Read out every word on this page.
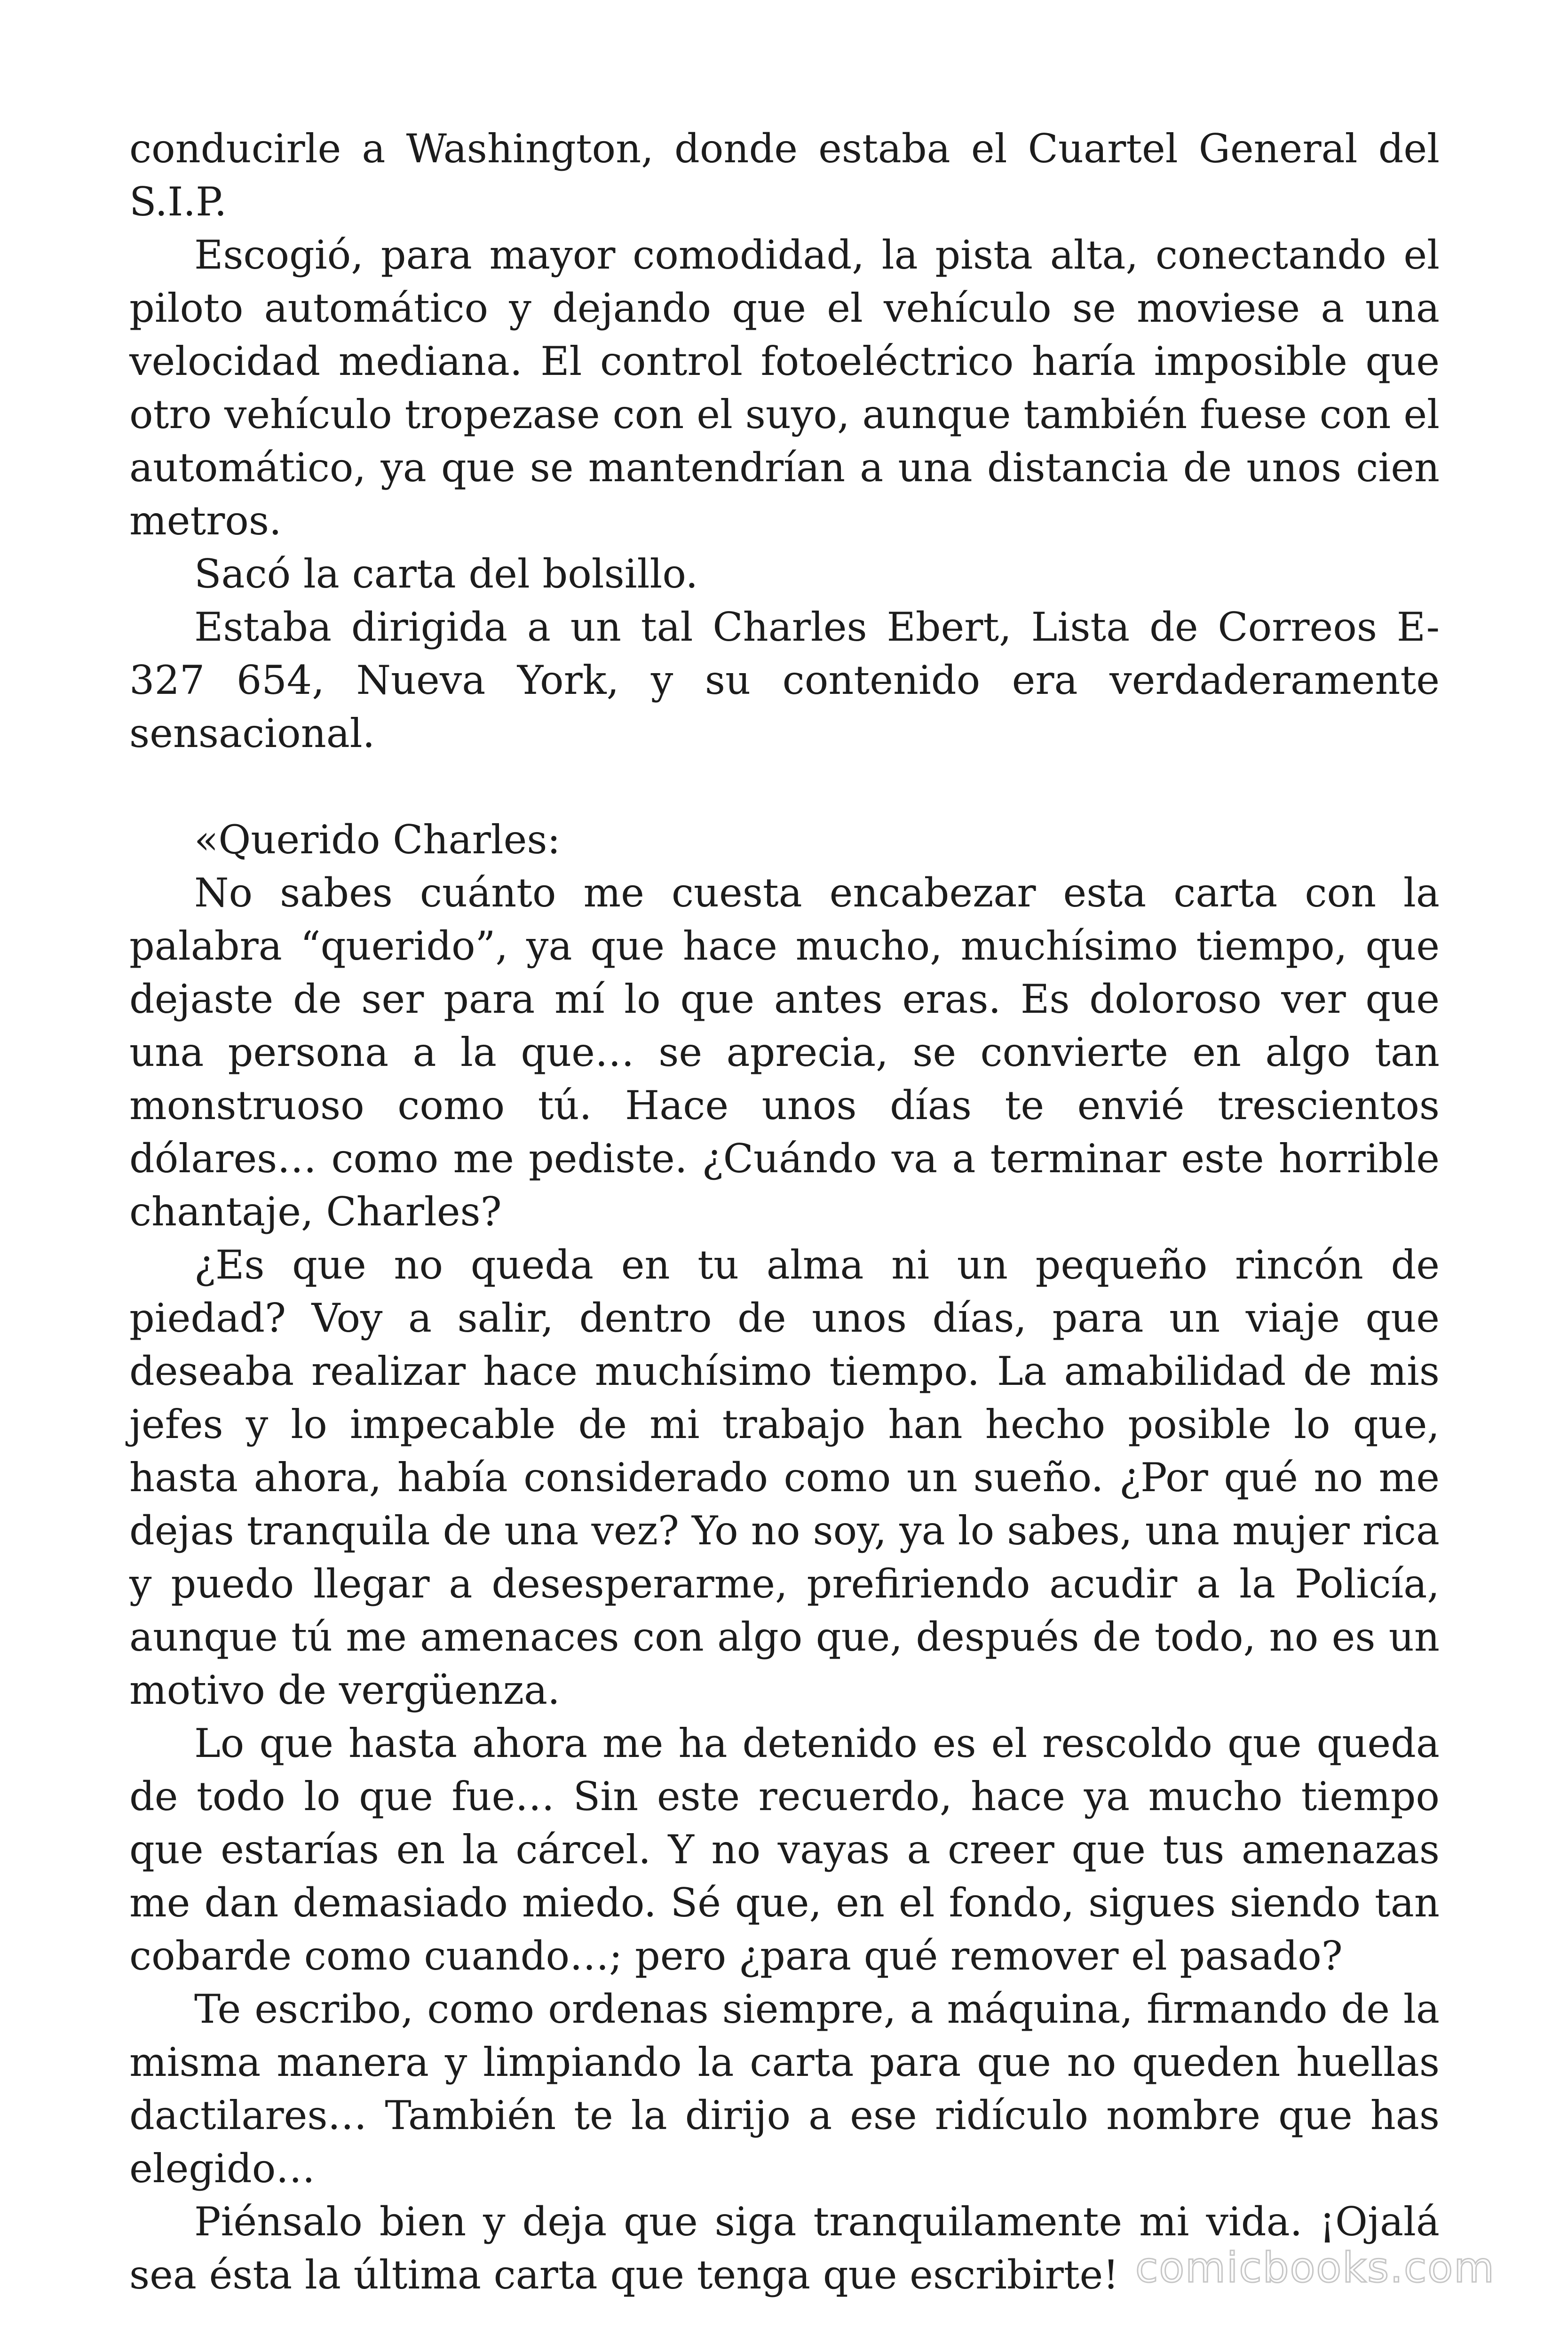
conducirle a Washington, donde estaba el Cuartel General del S.I.P.

Escogió, para mayor comodidad, la pista alta, conectando el piloto automático y dejando que el vehículo se moviese a una velocidad mediana. El control fotoeléctrico haría imposible que otro vehículo tropezase con el suyo, aunque también fuese con el automático, ya que se mantendrían a una distancia de unos cien metros.

Sacó la carta del bolsillo.

Estaba dirigida a un tal Charles Ebert, Lista de Correos E-327 654, Nueva York, y su contenido era verdaderamente sensacional.

«Querido Charles:

No sabes cuánto me cuesta encabezar esta carta con la palabra “querido”, ya que hace mucho, muchísimo tiempo, que dejaste de ser para mí lo que antes eras. Es doloroso ver que una persona a la que… se aprecia, se convierte en algo tan monstruoso como tú. Hace unos días te envié trescientos dólares… como me pediste. ¿Cuándo va a terminar este horrible chantaje, Charles?

¿Es que no queda en tu alma ni un pequeño rincón de piedad? Voy a salir, dentro de unos días, para un viaje que deseaba realizar hace muchísimo tiempo. La amabilidad de mis jefes y lo impecable de mi trabajo han hecho posible lo que, hasta ahora, había considerado como un sueño. ¿Por qué no me dejas tranquila de una vez? Yo no soy, ya lo sabes, una mujer rica y puedo llegar a desesperarme, prefiriendo acudir a la Policía, aunque tú me amenaces con algo que, después de todo, no es un motivo de vergüenza.

Lo que hasta ahora me ha detenido es el rescoldo que queda de todo lo que fue… Sin este recuerdo, hace ya mucho tiempo que estarías en la cárcel. Y no vayas a creer que tus amenazas me dan demasiado miedo. Sé que, en el fondo, sigues siendo tan cobarde como cuando…; pero ¿para qué remover el pasado?

Te escribo, como ordenas siempre, a máquina, firmando de la misma manera y limpiando la carta para que no queden huellas dactilares… También te la dirijo a ese ridículo nombre que has elegido…

Piénsalo bien y deja que siga tranquilamente mi vida. ¡Ojalá sea ésta la última carta que tenga que escribirte! comicbooks.com
